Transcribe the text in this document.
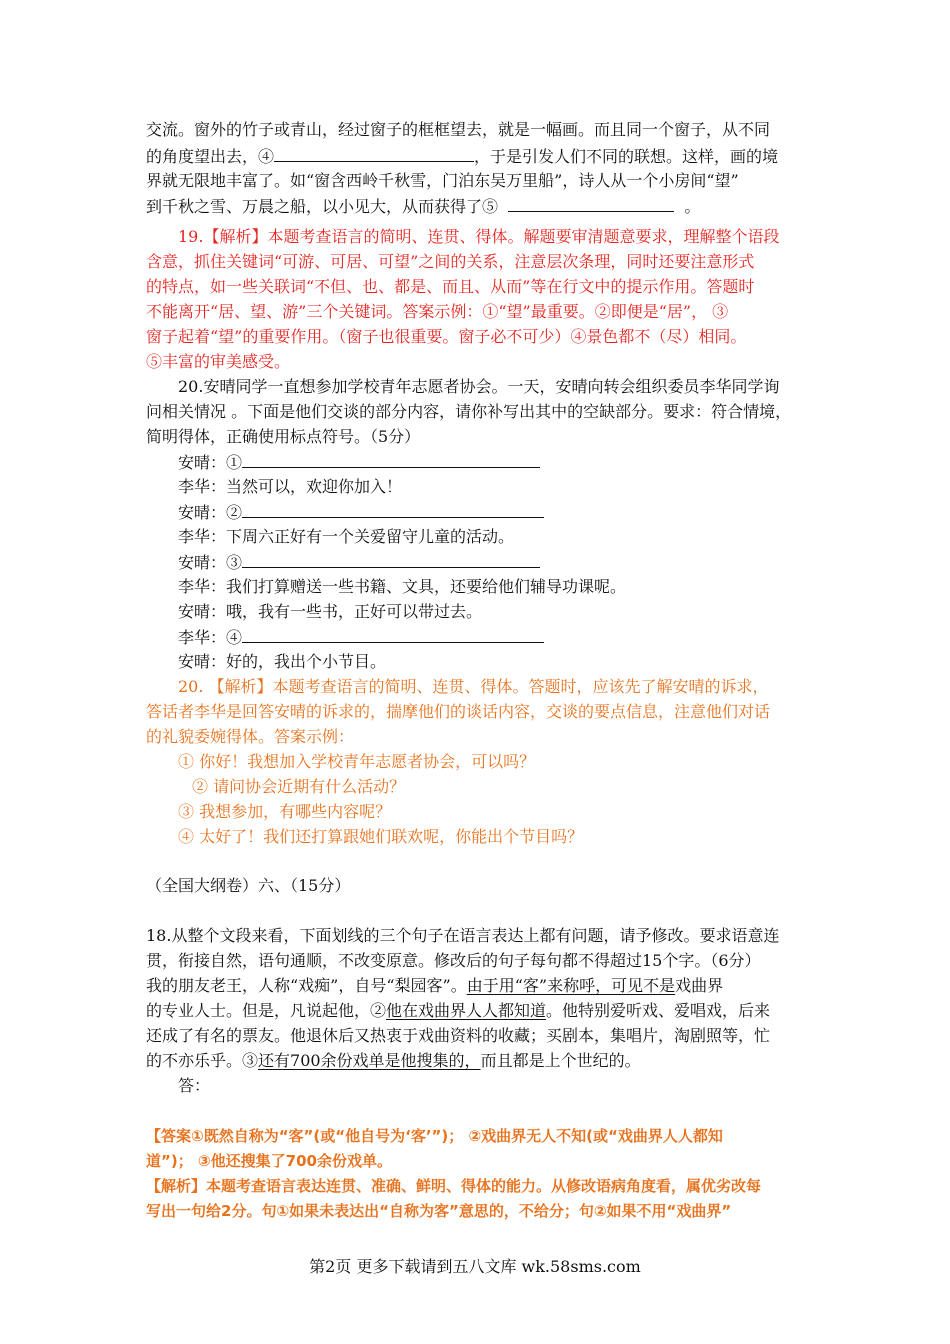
交流。窗外的竹子或青山，经过窗子的框框望去，就是一幅画。而且同一个窗子，从不同
的角度望出去，④	，于是引发人们不同的联想。这样，画的境
界就无限地丰富了。如“窗含西岭千秋雪，门泊东吴万里船”，诗人从一个小房间“望”
到千秋之雪、万晨之船，以小见大，从而获得了⑤	。
19.【解析】本题考查语言的简明、连贯、得体。解题要审清题意要求，理解整个语段
含意，抓住关键词“可游、可居、可望”之间的关系，注意层次条理，同时还要注意形式
的特点，如一些关联词“不但、也、都是、而且、从而”等在行文中的提示作用。答题时
不能离开“居、望、游”三个关键词。答案示例：①“望”最重要。②即便是“居”， ③
窗子起着“望”的重要作用。（窗子也很重要。窗子必不可少）④景色都不（尽）相同。
⑤丰富的审美感受。
20.安晴同学一直想参加学校青年志愿者协会。一天，安晴向转会组织委员李华同学询
问相关情况 。下面是他们交谈的部分内容，请你补写出其中的空缺部分。要求：符合情境，
简明得体，正确使用标点符号。（5分）
安晴：①
李华：当然可以，欢迎你加入！
安晴：②
李华：下周六正好有一个关爱留守儿童的活动。
安晴：③
李华：我们打算赠送一些书籍、文具，还要给他们辅导功课呢。
安晴：哦，我有一些书，正好可以带过去。
李华：④
安晴：好的，我出个小节目。
20. 【解析】本题考查语言的简明、连贯、得体。答题时，应该先了解安晴的诉求，
答话者李华是回答安晴的诉求的，揣摩他们的谈话内容，交谈的要点信息，注意他们对话
的礼貌委婉得体。答案示例：
① 你好！我想加入学校青年志愿者协会，可以吗？
② 请问协会近期有什么活动？
③ 我想参加，有哪些内容呢？
④ 太好了！我们还打算跟她们联欢呢，你能出个节目吗？
（全国大纲卷）六、（15分）
18.从整个文段来看，下面划线的三个句子在语言表达上都有问题，请予修改。要求语意连
贯，衔接自然，语句通顺，不改变原意。修改后的句子每句都不得超过15个字。（6分）
我的朋友老王，人称“戏痴”，自号“梨园客”。由于用“客”来称呼，可见不是戏曲界
的专业人士。但是，凡说起他，②他在戏曲界人人都知道。他特别爱听戏、爱唱戏，后来
还成了有名的票友。他退休后又热衷于戏曲资料的收藏；买剧本，集唱片，淘剧照等，忙
的不亦乐乎。③还有700余份戏单是他搜集的，而且都是上个世纪的。
答：
【答案①既然自称为“客”(或“他自号为‘客’”)； ②戏曲界无人不知(或“戏曲界人人都知
道”)； ③他还搜集了700余份戏单。
【解析】本题考查语言表达连贯、准确、鲜明、得体的能力。从修改语病角度看，属优劣改每
写出一句给2分。句①如果未表达出“自称为客”意思的，不给分；句②如果不用“戏曲界”
第2页 更多下载请到五八文库 wk.58sms.com
